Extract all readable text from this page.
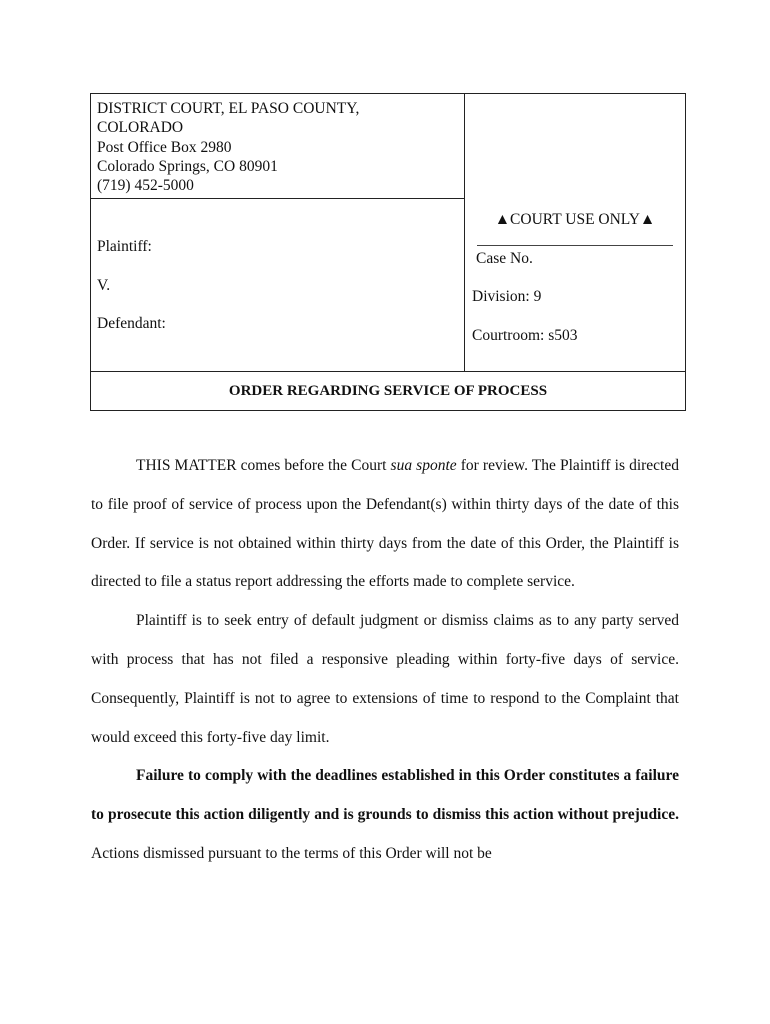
DISTRICT COURT, EL PASO COUNTY,
COLORADO
Post Office Box 2980
Colorado Springs, CO 80901
(719) 452-5000
Plaintiff:
V.
Defendant:
▲COURT USE ONLY▲
Case No.
Division: 9
Courtroom: s503
ORDER REGARDING SERVICE OF PROCESS

THIS MATTER comes before the Court sua sponte for review. The Plaintiff is directed to file proof of service of process upon the Defendant(s) within thirty days of the date of this Order. If service is not obtained within thirty days from the date of this Order, the Plaintiff is directed to file a status report addressing the efforts made to complete service.

Plaintiff is to seek entry of default judgment or dismiss claims as to any party served with process that has not filed a responsive pleading within forty-five days of service. Consequently, Plaintiff is not to agree to extensions of time to respond to the Complaint that would exceed this forty-five day limit.

Failure to comply with the deadlines established in this Order constitutes a failure to prosecute this action diligently and is grounds to dismiss this action without prejudice. Actions dismissed pursuant to the terms of this Order will not be
